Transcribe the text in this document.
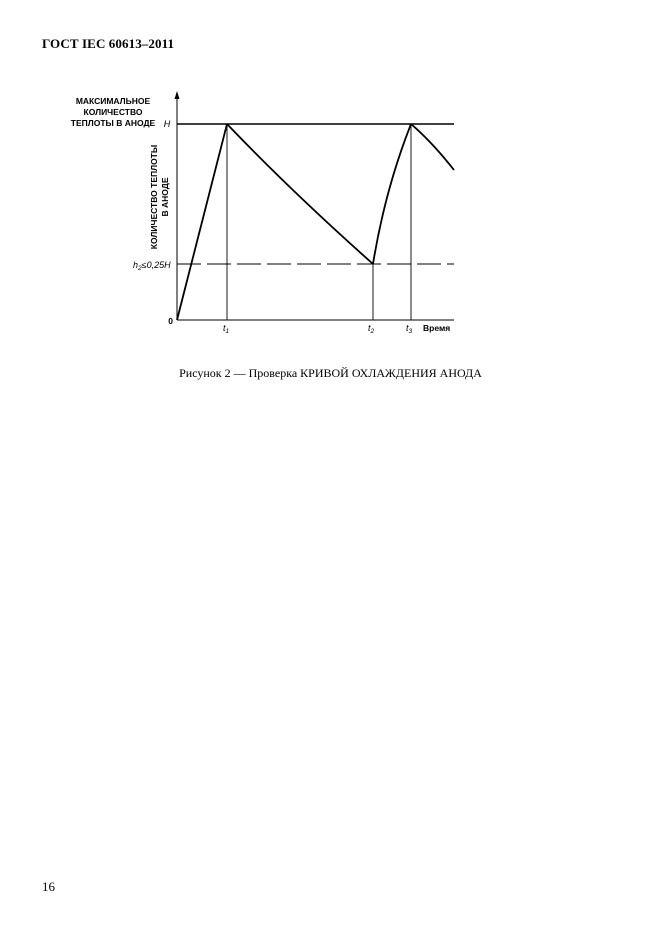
ГОСТ IEC 60613–2011
МАКСИМАЛЬНОЕ
КОЛИЧЕСТВО
ТЕПЛОТЫ В АНОДЕ H
$h_2\le 0,25H$
0
КОЛИЧЕСТВО ТЕПЛОТЫ В АНОДЕ
$t_1$	$t_2$	$t_3$ Время
Рисунок 2 — Проверка КРИВОЙ ОХЛАЖДЕНИЯ АНОДА
16
